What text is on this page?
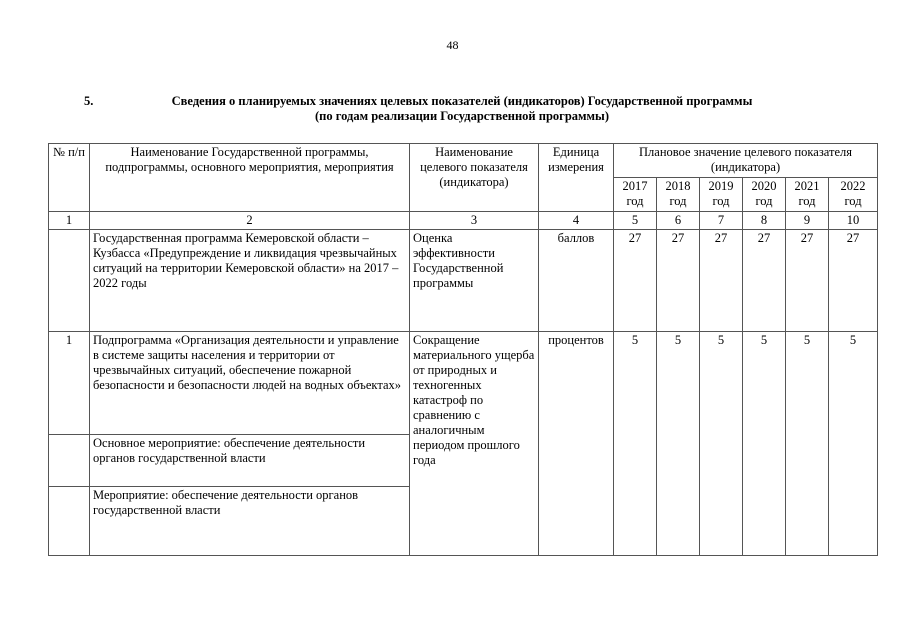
48
5.	Сведения о планируемых значениях целевых показателей (индикаторов) Государственной программы
(по годам реализации Государственной программы)
№ п/п	Наименование Государственной программы, подпрограммы, основного мероприятия, мероприятия	Наименование целевого показателя (индикатора)	Единица измерения	Плановое значение целевого показателя (индикатора)					
				2017 год	2018 год	2019 год	2020 год	2021 год	2022 год
1	2	3	4	5	6	7	8	9	10
	Государственная программа Кемеровской области – Кузбасса «Предупреждение и ликвидация чрезвычайных ситуаций на территории Кемеровской области» на 2017 – 2022 годы	Оценка эффективности Государственной программы	баллов	27	27	27	27	27	27
1	Подпрограмма «Организация деятельности и управление в системе защиты населения и территории от чрезвычайных ситуаций, обеспечение пожарной безопасности и безопасности людей на водных объектах»	Сокращение материального ущерба от природных и техногенных катастроф по сравнению с аналогичным периодом прошлого года	процентов	5	5	5	5	5	5
	Основное мероприятие: обеспечение деятельности органов государственной власти								
	Мероприятие: обеспечение деятельности органов государственной власти								
